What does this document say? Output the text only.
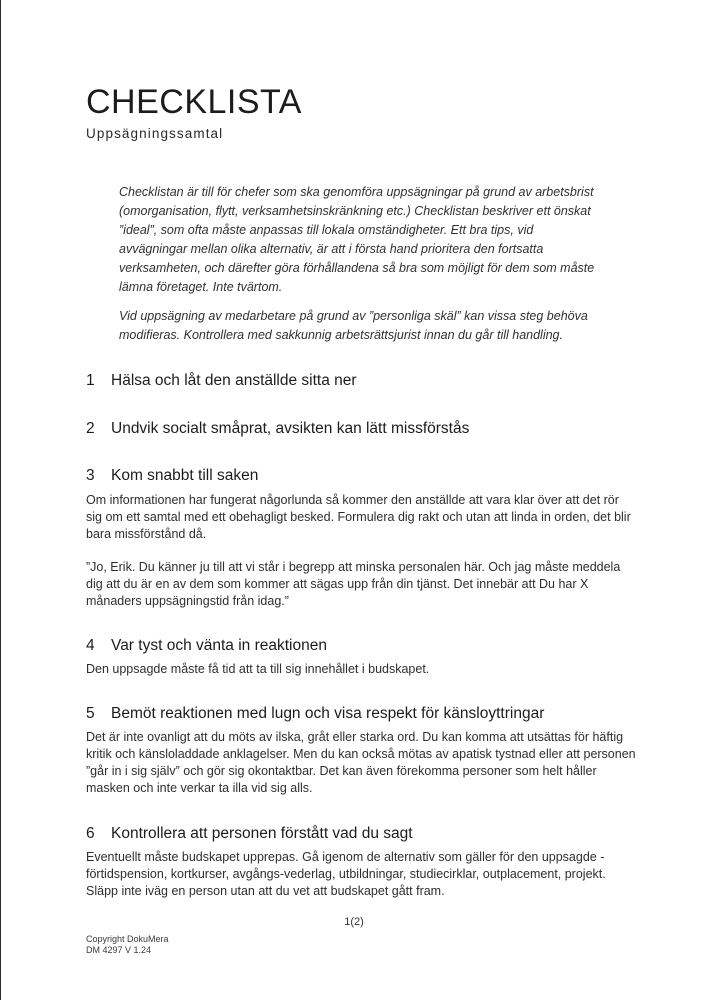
CHECKLISTA
Uppsägningssamtal

Checklistan är till för chefer som ska genomföra uppsägningar på grund av arbetsbrist (omorganisation, flytt, verksamhetsinskränkning etc.) Checklistan beskriver ett önskat ”ideal”, som ofta måste anpassas till lokala omständigheter. Ett bra tips, vid avvägningar mellan olika alternativ, är att i första hand prioritera den fortsatta verksamheten, och därefter göra förhållandena så bra som möjligt för dem som måste lämna företaget. Inte tvärtom.

Vid uppsägning av medarbetare på grund av ”personliga skäl” kan vissa steg behöva modifieras. Kontrollera med sakkunnig arbetsrättsjurist innan du går till handling.

1	Hälsa och låt den anställde sitta ner
2	Undvik socialt småprat, avsikten kan lätt missförstås
3	Kom snabbt till saken

Om informationen har fungerat någorlunda så kommer den anställde att vara klar över att det rör sig om ett samtal med ett obehagligt besked. Formulera dig rakt och utan att linda in orden, det blir bara missförstånd då.

”Jo, Erik. Du känner ju till att vi står i begrepp att minska personalen här. Och jag måste meddela dig att du är en av dem som kommer att sägas upp från din tjänst. Det innebär att Du har X månaders uppsägningstid från idag.”

4	Var tyst och vänta in reaktionen

Den uppsagde måste få tid att ta till sig innehållet i budskapet.

5	Bemöt reaktionen med lugn och visa respekt för känsloyttringar

Det är inte ovanligt att du möts av ilska, gråt eller starka ord. Du kan komma att utsättas för häftig kritik och känsloladdade anklagelser. Men du kan också mötas av apatisk tystnad eller att personen ”går in i sig själv” och gör sig okontaktbar. Det kan även förekomma personer som helt håller masken och inte verkar ta illa vid sig alls.

6	Kontrollera att personen förstått vad du sagt

Eventuellt måste budskapet upprepas. Gå igenom de alternativ som gäller för den uppsagde - förtidspension, kortkurser, avgångs-vederlag, utbildningar, studiecirklar, outplacement, projekt. Släpp inte iväg en person utan att du vet att budskapet gått fram.

1(2)
Copyright DokuMera
DM 4297 V 1.24
